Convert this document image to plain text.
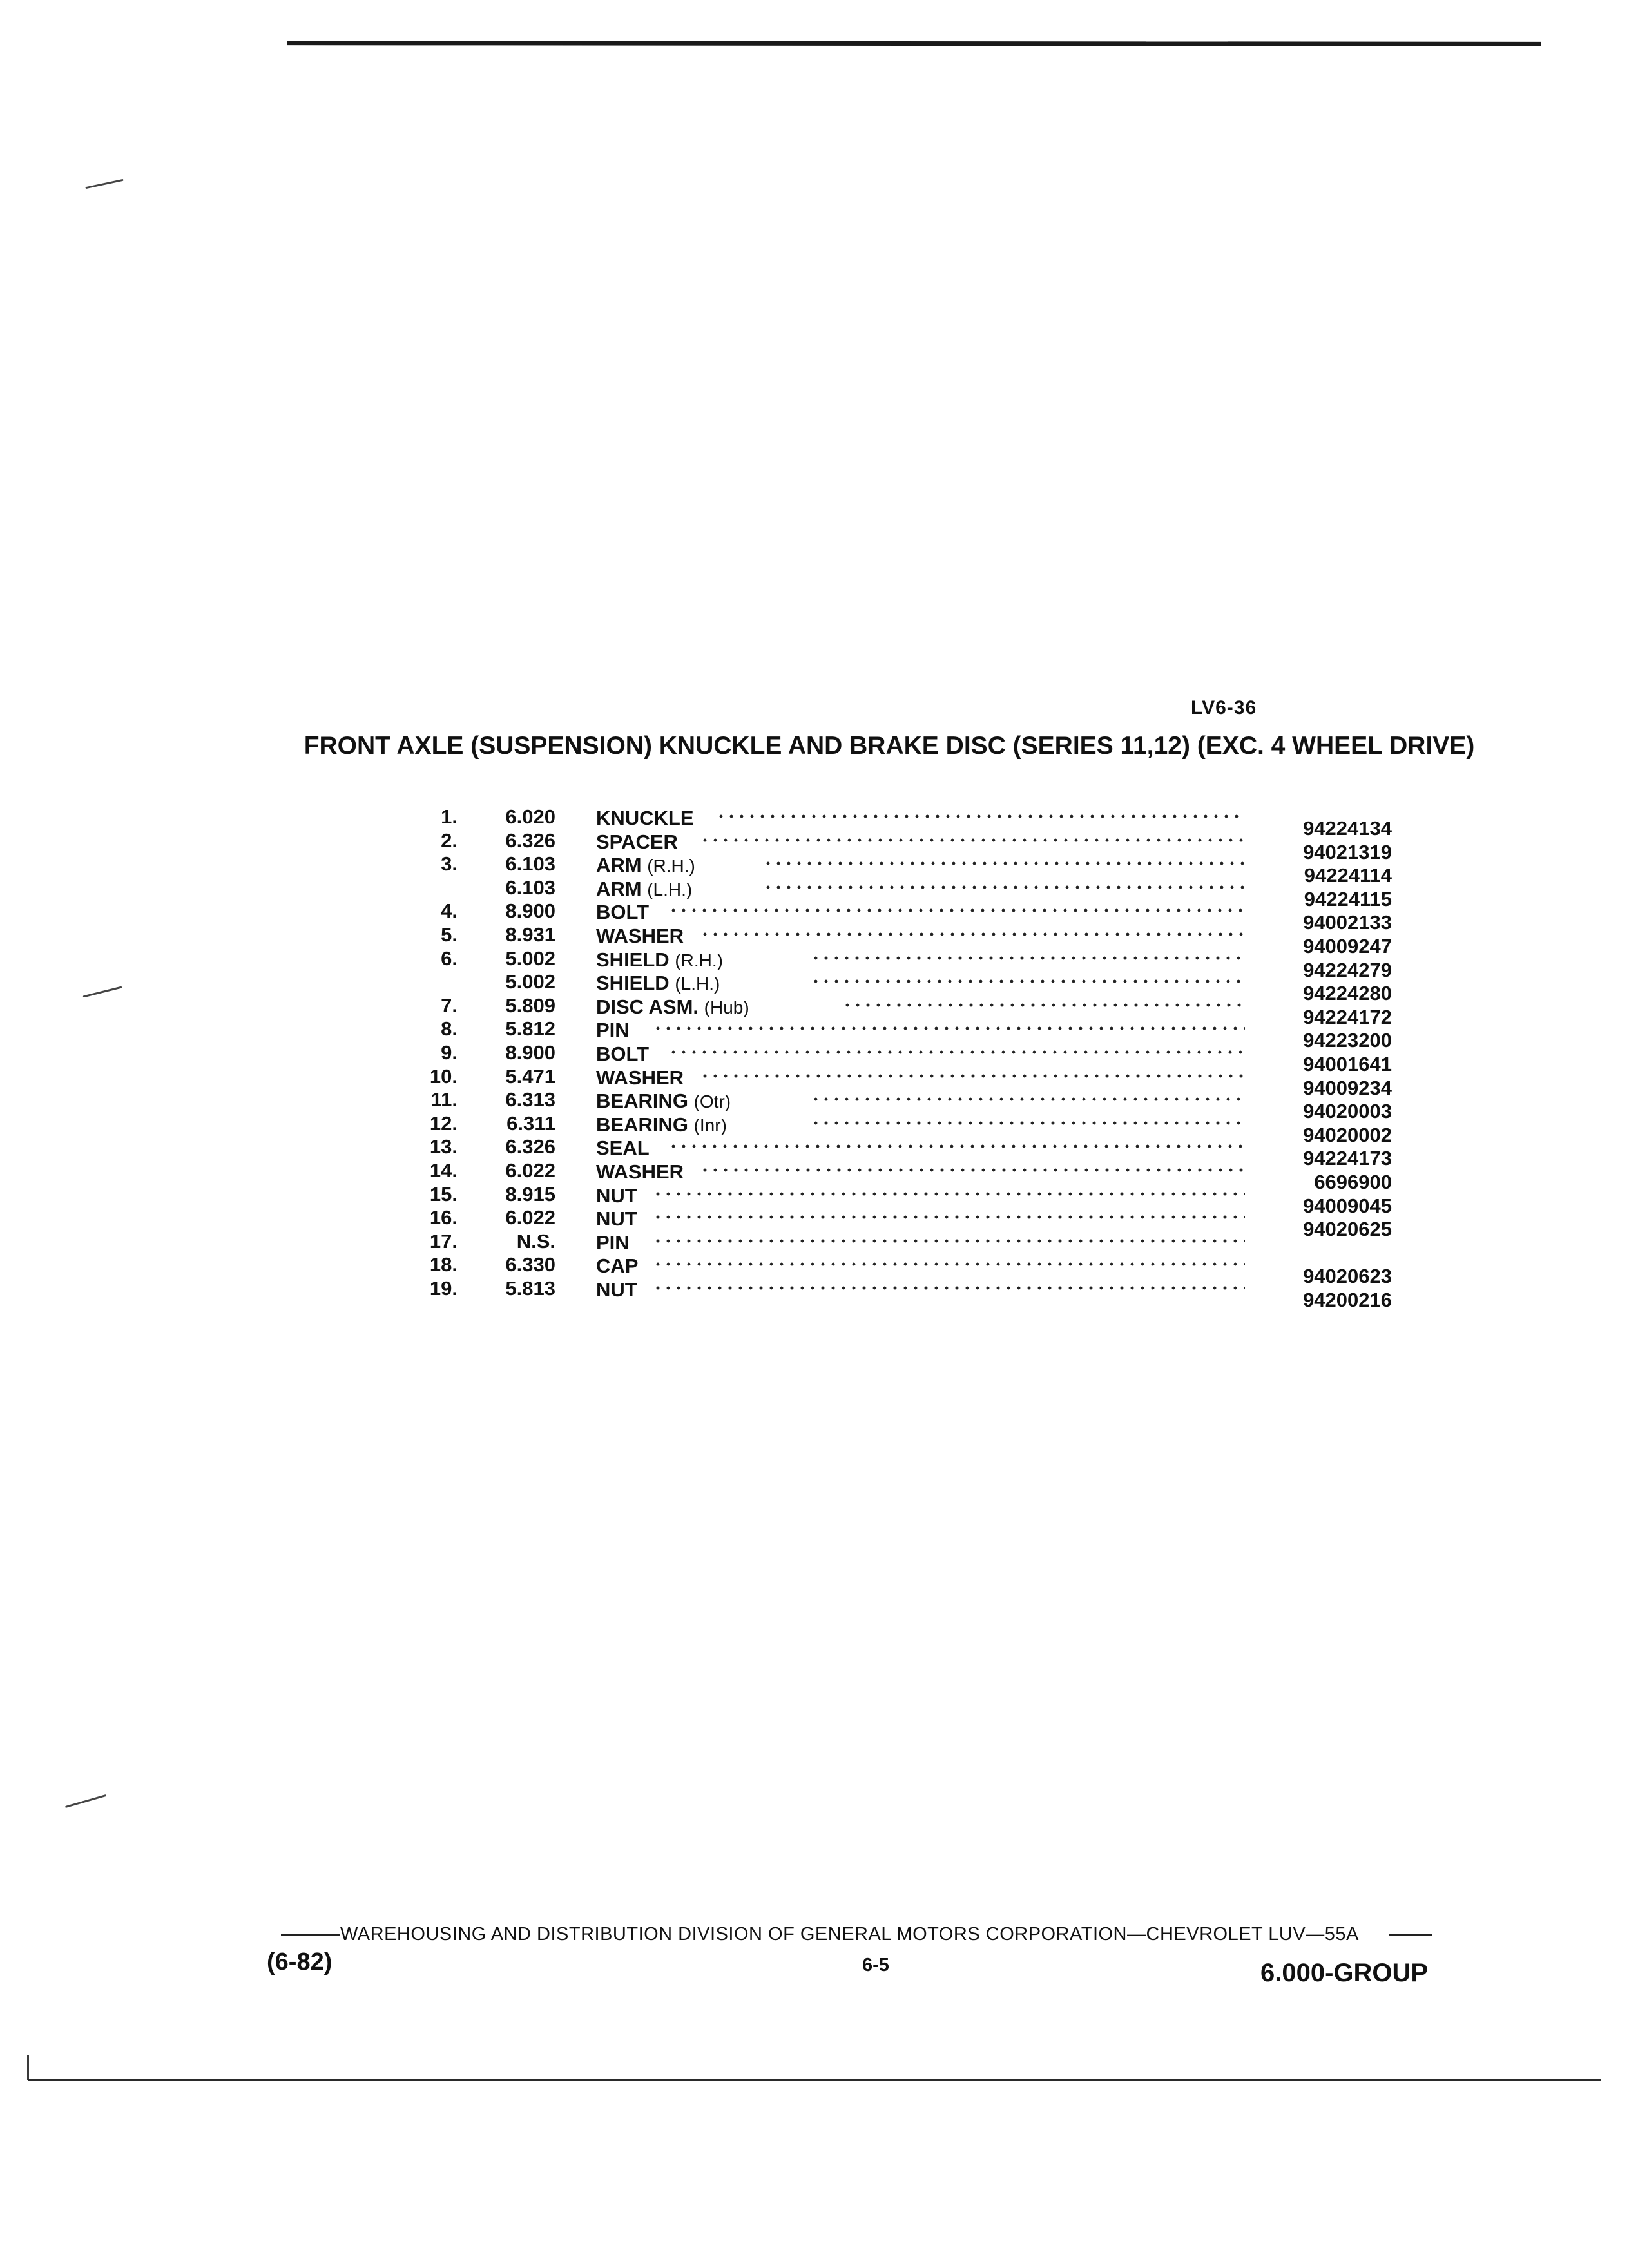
LV6-36
FRONT AXLE (SUSPENSION) KNUCKLE AND BRAKE DISC (SERIES 11,12) (EXC. 4 WHEEL DRIVE)
1.	6.020 KNUCKLE	94224134
2.	6.326 SPACER	94021319
3.	6.103 ARM (R.H.)	94224114
6.103 ARM (L.H.)	94224115
4.	8.900 BOLT	94002133
5.	8.931 WASHER	94009247
6.	5.002 SHIELD (R.H.)	94224279
5.002 SHIELD (L.H.)	94224280
7.	5.809 DISC ASM. (Hub)	94224172
8.	5.812 PIN	94223200
9.	8.900 BOLT	94001641
10.	5.471 WASHER	94009234
11.	6.313 BEARING (Otr)	94020003
12.	6.311 BEARING (Inr)	94020002
13.	6.326 SEAL	94224173
14.	6.022 WASHER	6696900
15.	8.915 NUT	94009045
16.	6.022 NUT	94020625
17.	N.S. PIN
18.	6.330 CAP	94020623
19.	5.813 NUT	94200216
WAREHOUSING AND DISTRIBUTION DIVISION OF GENERAL MOTORS CORPORATION—CHEVROLET LUV—55A
(6-82)	6-5	6.000-GROUP
